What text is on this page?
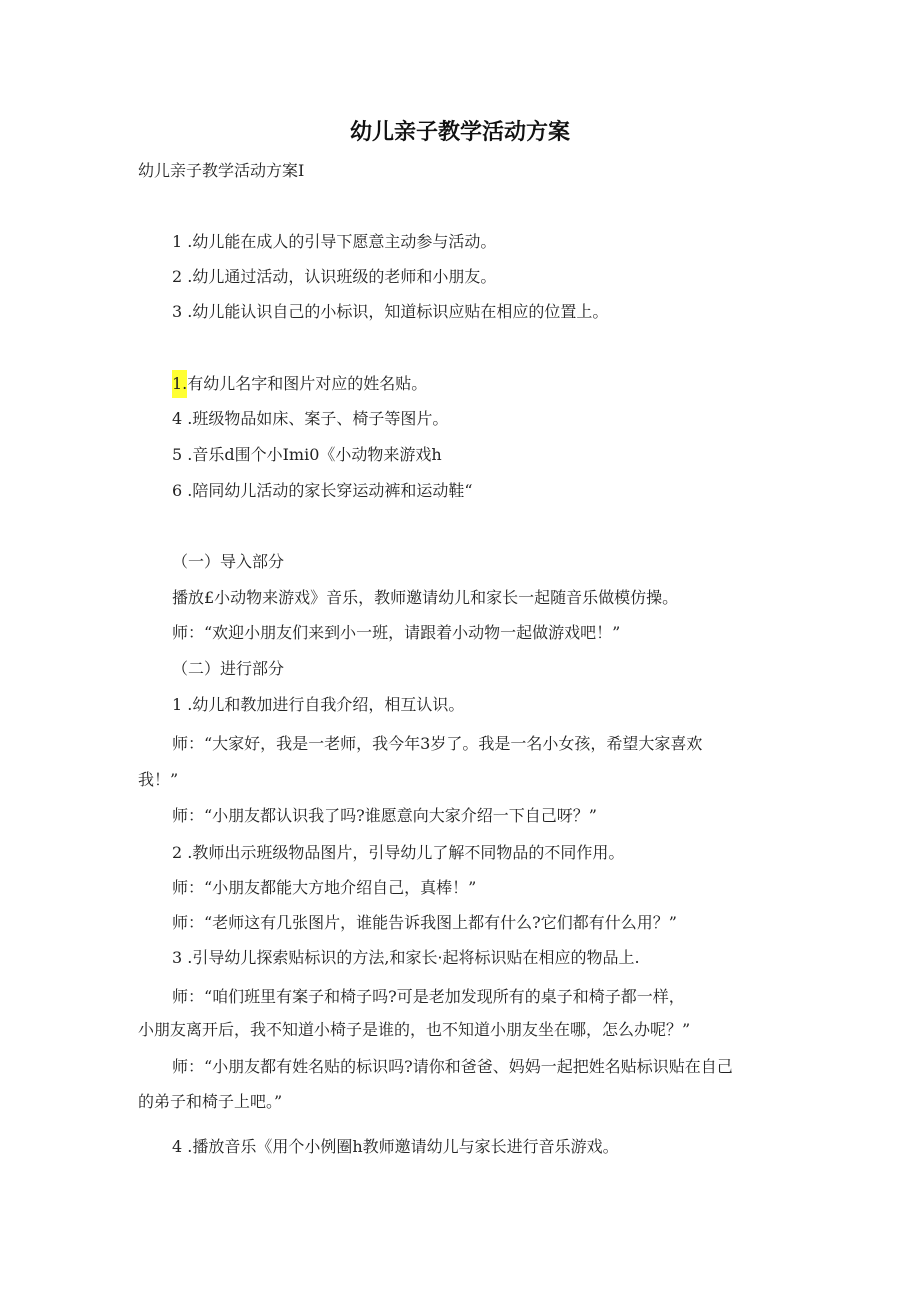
幼儿亲子教学活动方案
幼儿亲子教学活动方案I
1 .幼儿能在成人的引导下愿意主动参与活动。
2 .幼儿通过活动，认识班级的老师和小朋友。
3 .幼儿能认识自己的小标识，知道标识应贴在相应的位置上。
1.有幼儿名字和图片对应的姓名贴。
4 .班级物品如床、案子、椅子等图片。
5 .音乐d围个小Imi0《小动物来游戏h
6 .陪同幼儿活动的家长穿运动裤和运动鞋“
（一）导入部分
播放£小动物来游戏》音乐，教师邀请幼儿和家长一起随音乐做模仿操。
师：“欢迎小朋友们来到小一班，请跟着小动物一起做游戏吧！”
（二）进行部分
1 .幼儿和教加进行自我介绍，相互认识。
师：“大家好，我是一老师，我今年3岁了。我是一名小女孩，希望大家喜欢
我！”
师：“小朋友都认识我了吗?谁愿意向大家介绍一下自己呀？”
2 .教师出示班级物品图片，引导幼儿了解不同物品的不同作用。
师：“小朋友都能大方地介绍自己，真棒！”
师：“老师这有几张图片，谁能告诉我图上都有什么?它们都有什么用？”
3 .引导幼儿探索贴标识的方法,和家长·起将标识贴在相应的物品上.
师：“咱们班里有案子和椅子吗?可是老加发现所有的桌子和椅子都一样，
小朋友离开后，我不知道小椅子是谁的，也不知道小朋友坐在哪，怎么办呢？”
师：“小朋友都有姓名贴的标识吗?请你和爸爸、妈妈一起把姓名贴标识贴在自己
的弟子和椅子上吧。”
4 .播放音乐《用个小例圈h教师邀请幼儿与家长进行音乐游戏。
